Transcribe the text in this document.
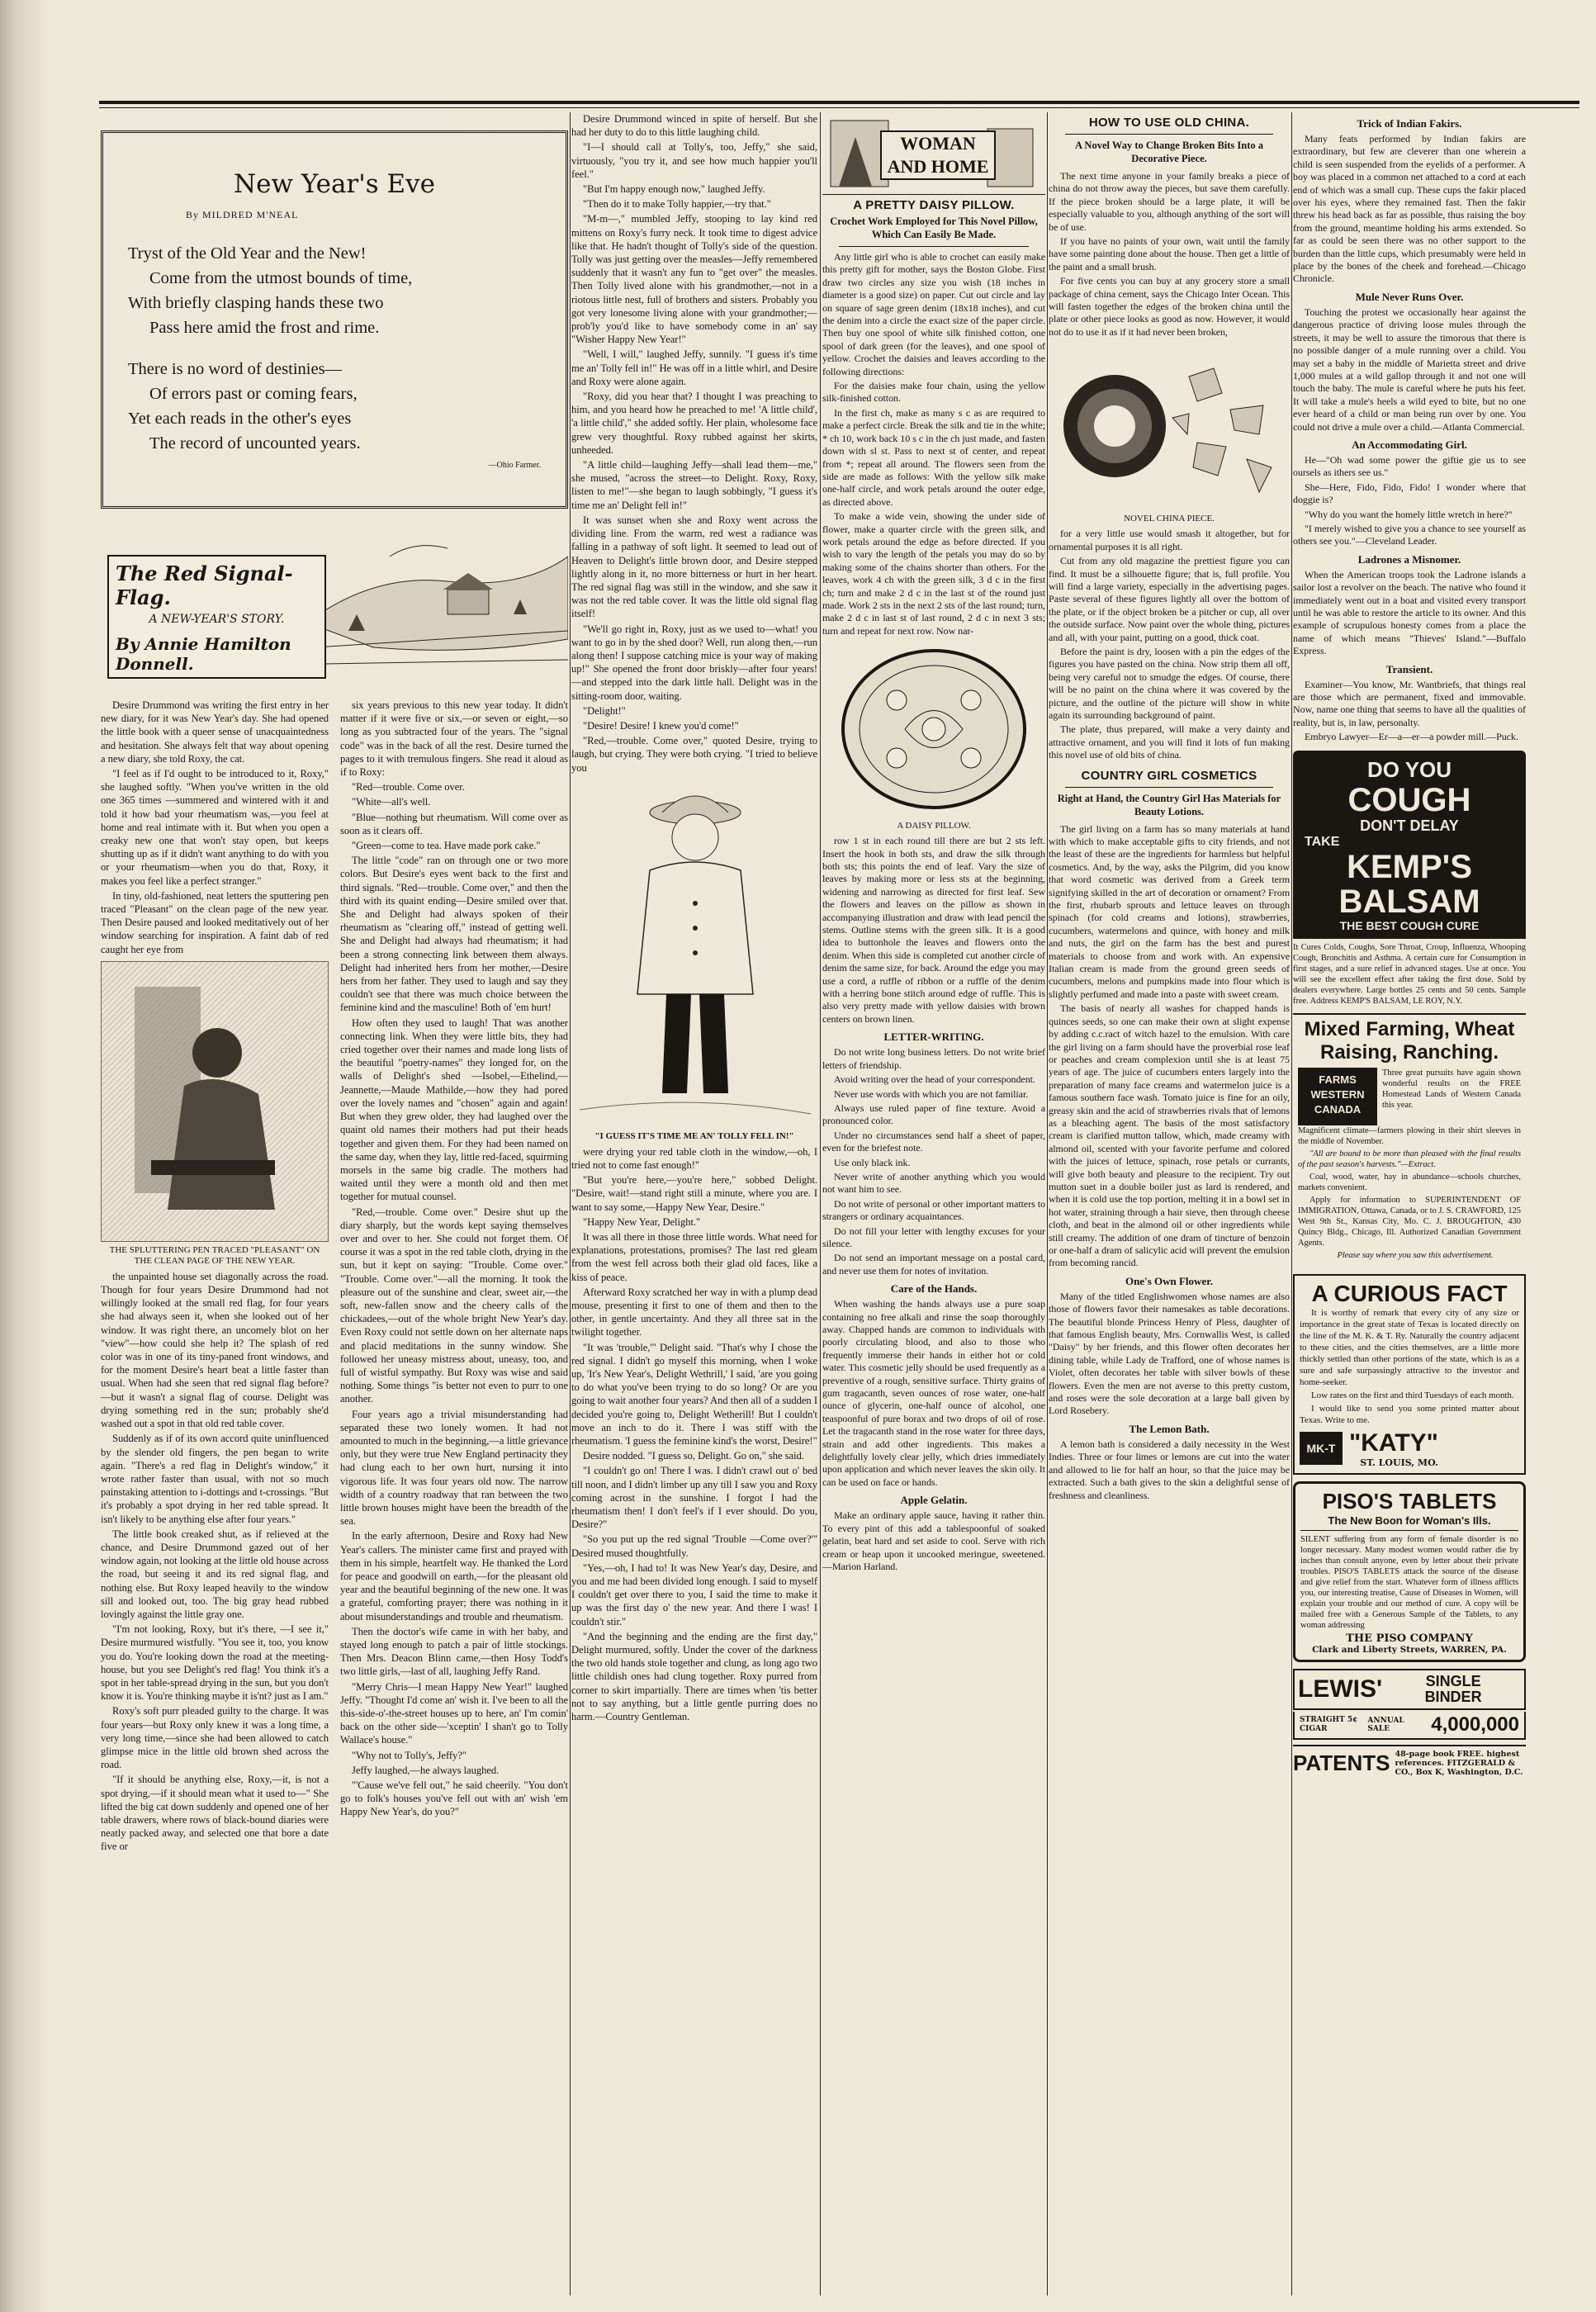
New Year's Eve
By MILDRED M'NEAL
Tryst of the Old Year and the New!
Come from the utmost bounds of time,
With briefly clasping hands these two
Pass here amid the frost and rime.
There is no word of destinies—
Of errors past or coming fears,
Yet each reads in the other's eyes
The record of uncounted years.
—Ohio Farmer.
The Red Signal-Flag.
A NEW-YEAR'S STORY.
By Annie Hamilton Donnell.

Desire Drummond was writing the first entry in her new diary, for it was New Year's day. She had opened the little book with a queer sense of unacquaintedness and hesitation. She always felt that way about opening a new diary, she told Roxy, the cat.

"I feel as if I'd ought to be introduced to it, Roxy," she laughed softly. "When you've written in the old one 365 times —summered and wintered with it and told it how bad your rheumatism was,—you feel at home and real intimate with it. But when you open a creaky new one that won't stay open, but keeps shutting up as if it didn't want anything to do with you or your rheumatism—when you do that, Roxy, it makes you feel like a perfect stranger."

In tiny, old-fashioned, neat letters the sputtering pen traced "Pleasant" on the clean page of the new year. Then Desire paused and looked meditatively out of her window searching for inspiration. A faint dab of red caught her eye from

THE SPLUTTERING PEN TRACED "PLEASANT" ON THE CLEAN PAGE OF THE NEW YEAR.

the unpainted house set diagonally across the road. Though for four years Desire Drummond had not willingly looked at the small red flag, for four years she had always seen it, when she looked out of her window. It was right there, an uncomely blot on her "view"—how could she help it? The splash of red color was in one of its tiny-paned front windows, and for the moment Desire's heart beat a little faster than usual. When had she seen that red signal flag before?—but it wasn't a signal flag of course. Delight was drying something red in the sun; probably she'd washed out a spot in that old red table cover.

Suddenly as if of its own accord quite uninfluenced by the slender old fingers, the pen began to write again. "There's a red flag in Delight's window," it wrote rather faster than usual, with not so much painstaking attention to i-dottings and t-crossings. "But it's probably a spot drying in her red table spread. It isn't likely to be anything else after four years."

The little book creaked shut, as if relieved at the chance, and Desire Drummond gazed out of her window again, not looking at the little old house across the road, but seeing it and its red signal flag, and nothing else. But Roxy leaped heavily to the window sill and looked out, too. The big gray head rubbed lovingly against the little gray one.

"I'm not looking, Roxy, but it's there, —I see it," Desire murmured wistfully. "You see it, too, you know you do. You're looking down the road at the meeting-house, but you see Delight's red flag! You think it's a spot in her table-spread drying in the sun, but you don't know it is. You're thinking maybe it is'nt? just as I am."

Roxy's soft purr pleaded guilty to the charge. It was four years—but Roxy only knew it was a long time, a very long time,—since she had been allowed to catch glimpse mice in the little old brown shed across the road.

"If it should be anything else, Roxy,—it, is not a spot drying,—if it should mean what it used to—" She lifted the big cat down suddenly and opened one of her table drawers, where rows of black-bound diaries were neatly packed away, and selected one that bore a date five or

six years previous to this new year today. It didn't matter if it were five or six,—or seven or eight,—so long as you subtracted four of the years. The "signal code" was in the back of all the rest. Desire turned the pages to it with tremulous fingers. She read it aloud as if to Roxy:

"Red—trouble. Come over.

"White—all's well.

"Blue—nothing but rheumatism. Will come over as soon as it clears off.

"Green—come to tea. Have made pork cake."

The little "code" ran on through one or two more colors. But Desire's eyes went back to the first and third signals. "Red—trouble. Come over," and then the third with its quaint ending—Desire smiled over that. She and Delight had always spoken of their rheumatism as "clearing off," instead of getting well. She and Delight had always had rheumatism; it had been a strong connecting link between them always. Delight had inherited hers from her mother,—Desire hers from her father. They used to laugh and say they couldn't see that there was much choice between the feminine kind and the masculine! Both of 'em hurt!

How often they used to laugh! That was another connecting link. When they were little bits, they had cried together over their names and made long lists of the beautiful "poetry-names" they longed for, on the walls of Delight's shed —Isobel,—Ethelind,—Jeannette,—Maude Mathilde,—how they had pored over the lovely names and "chosen" again and again! But when they grew older, they had laughed over the quaint old names their mothers had put their heads together and given them. For they had been named on the same day, when they lay, little red-faced, squirming morsels in the same big cradle. The mothers had waited until they were a month old and then met together for mutual counsel.

"Red,—trouble. Come over." Desire shut up the diary sharply, but the words kept saying themselves over and over to her. She could not forget them. Of course it was a spot in the red table cloth, drying in the sun, but it kept on saying: "Trouble. Come over." "Trouble. Come over."—all the morning. It took the pleasure out of the sunshine and clear, sweet air,—the soft, new-fallen snow and the cheery calls of the chickadees,—out of the whole bright New Year's day. Even Roxy could not settle down on her alternate naps and placid meditations in the sunny window. She followed her uneasy mistress about, uneasy, too, and full of wistful sympathy. But Roxy was wise and said nothing. Some things "is better not even to purr to one another.

Four years ago a trivial misunderstanding had separated these two lonely women. It had not amounted to much in the beginning,—a little grievance only, but they were true New England pertinacity they had clung each to her own hurt, nursing it into vigorous life. It was four years old now. The narrow width of a country roadway that ran between the two little brown houses might have been the breadth of the sea.

In the early afternoon, Desire and Roxy had New Year's callers. The minister came first and prayed with them in his simple, heartfelt way. He thanked the Lord for peace and goodwill on earth,—for the pleasant old year and the beautiful beginning of the new one. It was a grateful, comforting prayer; there was nothing in it about misunderstandings and trouble and rheumatism.

Then the doctor's wife came in with her baby, and stayed long enough to patch a pair of little stockings. Then Mrs. Deacon Blinn came,—then Hosy Todd's two little girls,—last of all, laughing Jeffy Rand.

"Merry Chris—I mean Happy New Year!" laughed Jeffy. "Thought I'd come an' wish it. I've been to all the this-side-o'-the-street houses up to here, an' I'm comin' back on the other side—'xceptin' I shan't go to Tolly Wallace's house."

"Why not to Tolly's, Jeffy?"

Jeffy laughed,—he always laughed.

"'Cause we've fell out," he said cheerily. "You don't go to folk's houses you've fell out with an' wish 'em Happy New Year's, do you?"

Desire Drummond winced in spite of herself. But she had her duty to do to this little laughing child.

"I—I should call at Tolly's, too, Jeffy," she said, virtuously, "you try it, and see how much happier you'll feel."

"But I'm happy enough now," laughed Jeffy.

"Then do it to make Tolly happier,—try that."

"M-m—," mumbled Jeffy, stooping to lay kind red mittens on Roxy's furry neck. It took time to digest advice like that. He hadn't thought of Tolly's side of the question. Tolly was just getting over the measles—Jeffy remembered suddenly that it wasn't any fun to "get over" the measles. Then Tolly lived alone with his grandmother,—not in a riotous little nest, full of brothers and sisters. Probably you got very lonesome living alone with your grandmother;—prob'ly you'd like to have somebody come in an' say "Wisher Happy New Year!"

"Well, I will," laughed Jeffy, sunnily. "I guess it's time me an' Tolly fell in!" He was off in a little whirl, and Desire and Roxy were alone again.

"Roxy, did you hear that? I thought I was preaching to him, and you heard how he preached to me! 'A little child', 'a little child'," she added softly. Her plain, wholesome face grew very thoughtful. Roxy rubbed against her skirts, unheeded.

"A little child—laughing Jeffy—shall lead them—me," she mused, "across the street—to Delight. Roxy, Roxy, listen to me!"—she began to laugh sobbingly, "I guess it's time me an' Delight fell in!"

It was sunset when she and Roxy went across the dividing line. From the warm, red west a radiance was falling in a pathway of soft light. It seemed to lead out of Heaven to Delight's little brown door, and Desire stepped lightly along in it, no more bitterness or hurt in her heart. The red signal flag was still in the window, and she saw it was not the red table cover. It was the little old signal flag itself!

"We'll go right in, Roxy, just as we used to—what! you want to go in by the shed door? Well, run along then,—run along then! I suppose catching mice is your way of making up!" She opened the front door briskly—after four years! —and stepped into the dark little hall. Delight was in the sitting-room door, waiting.

"Delight!"

"Desire! Desire! I knew you'd come!"

"Red,—trouble. Come over," quoted Desire, trying to laugh, but crying. They were both crying. "I tried to believe you

"I GUESS IT'S TIME ME AN' TOLLY FELL IN!"

were drying your red table cloth in the window,—oh, I tried not to come fast enough!"

"But you're here,—you're here," sobbed Delight. "Desire, wait!—stand right still a minute, where you are. I want to say some,—Happy New Year, Desire."

"Happy New Year, Delight."

It was all there in those three little words. What need for explanations, protestations, promises? The last red gleam from the west fell across both their glad old faces, like a kiss of peace.

Afterward Roxy scratched her way in with a plump dead mouse, presenting it first to one of them and then to the other, in gentle uncertainty. And they all three sat in the twilight together.

"It was 'trouble,'" Delight said. "That's why I chose the red signal. I didn't go myself this morning, when I woke up, 'It's New Year's, Delight Wethrill,' I said, 'are you going to do what you've been trying to do so long? Or are you going to wait another four years? And then all of a sudden I decided you're going to, Delight Wetherill! But I couldn't move an inch to do it. There I was stiff with the rheumatism. 'I guess the feminine kind's the worst, Desire!"

Desire nodded. "I guess so, Delight. Go on," she said.

"I couldn't go on! There I was. I didn't crawl out o' bed till noon, and I didn't limber up any till I saw you and Roxy coming acrost in the sunshine. I forgot I had the rheumatism then! I don't feel's if I ever should. Do you, Desire?"

"So you put up the red signal 'Trouble —Come over?'" Desired mused thoughtfully.

"Yes,—oh, I had to! It was New Year's day, Desire, and you and me had been divided long enough. I said to myself I couldn't get over there to you, I said the time to make it up was the first day o' the new year. And there I was! I couldn't stir."

"And the beginning and the ending are the first day," Delight murmured, softly. Under the cover of the darkness the two old hands stole together and clung, as long ago two little childish ones had clung together. Roxy purred from corner to skirt impartially. There are times when 'tis better not to say anything, but a little gentle purring does no harm.—Country Gentleman.

WOMAN AND HOME
A PRETTY DAISY PILLOW.
Crochet Work Employed for This Novel Pillow, Which Can Easily Be Made.

Any little girl who is able to crochet can easily make this pretty gift for mother, says the Boston Globe. First draw two circles any size you wish (18 inches in diameter is a good size) on paper. Cut out circle and lay on square of sage green denim (18x18 inches), and cut the denim into a circle the exact size of the paper circle. Then buy one spool of white silk finished cotton, one spool of dark green (for the leaves), and one spool of yellow. Crochet the daisies and leaves according to the following directions:

For the daisies make four chain, using the yellow silk-finished cotton.

In the first ch, make as many s c as are required to make a perfect circle. Break the silk and tie in the white; * ch 10, work back 10 s c in the ch just made, and fasten down with sl st. Pass to next st of center, and repeat from *; repeat all around. The flowers seen from the side are made as follows: With the yellow silk make one-half circle, and work petals around the outer edge, as directed above.

To make a wide vein, showing the under side of flower, make a quarter circle with the green silk, and work petals around the edge as before directed. If you wish to vary the length of the petals you may do so by making some of the chains shorter than others. For the leaves, work 4 ch with the green silk, 3 d c in the first ch; turn and make 2 d c in the last st of the round just made. Work 2 sts in the next 2 sts of the last round; turn, make 2 d c in last st of last round, 2 d c in next 3 sts; turn and repeat for next row. Now nar-

A DAISY PILLOW.

row 1 st in each round till there are but 2 sts left. Insert the hook in both sts, and draw the silk through both sts; this points the end of leaf. Vary the size of leaves by making more or less sts at the beginning, widening and narrowing as directed for first leaf. Sew the flowers and leaves on the pillow as shown in accompanying illustration and draw with lead pencil the stems. Outline stems with the green silk. It is a good idea to buttonhole the leaves and flowers onto the denim. When this side is completed cut another circle of denim the same size, for back. Around the edge you may use a cord, a ruffle of ribbon or a ruffle of the denim with a herring bone stitch around edge of ruffle. This is also very pretty made with yellow daisies with brown centers on brown linen.

LETTER-WRITING.

Do not write long business letters. Do not write brief letters of friendship.

Avoid writing over the head of your correspondent.

Never use words with which you are not familiar.

Always use ruled paper of fine texture. Avoid a pronounced color.

Under no circumstances send half a sheet of paper, even for the briefest note.

Use only black ink.

Never write of another anything which you would not want him to see.

Do not write of personal or other important matters to strangers or ordinary acquaintances.

Do not fill your letter with lengthy excuses for your silence.

Do not send an important message on a postal card, and never use them for notes of invitation.

Care of the Hands.

When washing the hands always use a pure soap containing no free alkali and rinse the soap thoroughly away. Chapped hands are common to individuals with poorly circulating blood, and also to those who frequently immerse their hands in either hot or cold water. This cosmetic jelly should be used frequently as a preventive of a rough, sensitive surface. Thirty grains of gum tragacanth, seven ounces of rose water, one-half ounce of glycerin, one-half ounce of alcohol, one teaspoonful of pure borax and two drops of oil of rose. Let the tragacanth stand in the rose water for three days, strain and add other ingredients. This makes a delightfully lovely clear jelly, which dries immediately upon application and which never leaves the skin oily. It can be used on face or hands.

Apple Gelatin.

Make an ordinary apple sauce, having it rather thin. To every pint of this add a tablespoonful of soaked gelatin, beat hard and set aside to cool. Serve with rich cream or heap upon it uncooked meringue, sweetened.—Marion Harland.

HOW TO USE OLD CHINA.
A Novel Way to Change Broken Bits Into a Decorative Piece.

The next time anyone in your family breaks a piece of china do not throw away the pieces, but save them carefully. If the piece broken should be a large plate, it will be especially valuable to you, although anything of the sort will be of use.

If you have no paints of your own, wait until the family have some painting done about the house. Then get a little of the paint and a small brush.

For five cents you can buy at any grocery store a small package of china cement, says the Chicago Inter Ocean. This will fasten together the edges of the broken china until the plate or other piece looks as good as now. However, it would not do to use it as if it had never been broken,

NOVEL CHINA PIECE.

for a very little use would smash it altogether, but for ornamental purposes it is all right.

Cut from any old magazine the prettiest figure you can find. It must be a silhouette figure; that is, full profile. You will find a large variety, especially in the advertising pages. Paste several of these figures lightly all over the bottom of the plate, or if the object broken be a pitcher or cup, all over the outside surface. Now paint over the whole thing, pictures and all, with your paint, putting on a good, thick coat.

Before the paint is dry, loosen with a pin the edges of the figures you have pasted on the china. Now strip them all off, being very careful not to smudge the edges. Of course, there will be no paint on the china where it was covered by the picture, and the outline of the picture will show in white again its surrounding background of paint.

The plate, thus prepared, will make a very dainty and attractive ornament, and you will find it lots of fun making this novel use of old bits of china.

COUNTRY GIRL COSMETICS
Right at Hand, the Country Girl Has Materials for Beauty Lotions.

The girl living on a farm has so many materials at hand with which to make acceptable gifts to city friends, and not the least of these are the ingredients for harmless but helpful cosmetics. And, by the way, asks the Pilgrim, did you know that word cosmetic was derived from a Greek term signifying skilled in the art of decoration or ornament? From the first, rhubarb sprouts and lettuce leaves on through spinach (for cold creams and lotions), strawberries, cucumbers, watermelons and quince, with honey and milk and nuts, the girl on the farm has the best and purest materials to choose from and work with. An expensive Italian cream is made from the ground green seeds of cucumbers, melons and pumpkins made into flour which is slightly perfumed and made into a paste with sweet cream.

The basis of nearly all washes for chapped hands is quinces seeds, so one can make their own at slight expense by adding c.c.ract of witch hazel to the emulsion. With care the girl living on a farm should have the proverbial rose leaf or peaches and cream complexion until she is at least 75 years of age. The juice of cucumbers enters largely into the preparation of many face creams and watermelon juice is a famous southern face wash. Tomato juice is fine for an oily, greasy skin and the acid of strawberries rivals that of lemons as a bleaching agent. The basis of the most satisfactory cream is clarified mutton tallow, which, made creamy with almond oil, scented with your favorite perfume and colored with the juices of lettuce, spinach, rose petals or currants, will give both beauty and pleasure to the recipient. Try out mutton suet in a double boiler just as lard is rendered, and when it is cold use the top portion, melting it in a bowl set in hot water, straining through a hair sieve, then through cheese cloth, and beat in the almond oil or other ingredients while still creamy. The addition of one dram of tincture of benzoin or one-half a dram of salicylic acid will prevent the emulsion from becoming rancid.

One's Own Flower.

Many of the titled Englishwomen whose names are also those of flowers favor their namesakes as table decorations. The beautiful blonde Princess Henry of Pless, daughter of that famous English beauty, Mrs. Cornwallis West, is called "Daisy" by her friends, and this flower often decorates her dining table, while Lady de Trafford, one of whose names is Violet, often decorates her table with silver bowls of these flowers. Even the men are not averse to this pretty custom, and roses were the sole decoration at a large ball given by Lord Rosebery.

The Lemon Bath.

A lemon bath is considered a daily necessity in the West Indies. Three or four limes or lemons are cut into the water and allowed to lie for half an hour, so that the juice may be extracted. Such a bath gives to the skin a delightful sense of freshness and cleanliness.

Trick of Indian Fakirs.

Many feats performed by Indian fakirs are extraordinary, but few are cleverer than one wherein a child is seen suspended from the eyelids of a performer. A boy was placed in a common net attached to a cord at each end of which was a small cup. These cups the fakir placed over his eyes, where they remained fast. Then the fakir threw his head back as far as possible, thus raising the boy from the ground, meantime holding his arms extended. So far as could be seen there was no other support to the burden than the little cups, which presumably were held in place by the bones of the cheek and forehead.—Chicago Chronicle.

Mule Never Runs Over.

Touching the protest we occasionally hear against the dangerous practice of driving loose mules through the streets, it may be well to assure the timorous that there is no possible danger of a mule running over a child. You may set a baby in the middle of Marietta street and drive 1,000 mules at a wild gallop through it and not one will touch the baby. The mule is careful where he puts his feet. It will take a mule's heels a wild eyed to bite, but no one ever heard of a child or man being run over by one. You could not drive a mule over a child.—Atlanta Commercial.

An Accommodating Girl.

He—"Oh wad some power the giftie gie us to see oursels as ithers see us."

She—Here, Fido, Fido, Fido! I wonder where that doggie is?

"Why do you want the homely little wretch in here?"

"I merely wished to give you a chance to see yourself as others see you."—Cleveland Leader.

Ladrones a Misnomer.

When the American troops took the Ladrone islands a sailor lost a revolver on the beach. The native who found it immediately went out in a boat and visited every transport until he was able to restore the article to its owner. And this example of scrupulous honesty comes from a place the name of which means "Thieves' Island."—Buffalo Express.

Transient.

Examiner—You know, Mr. Wantbriefs, that things real are those which are permanent, fixed and immovable. Now, name one thing that seems to have all the qualities of reality, but is, in law, personalty.

Embryo Lawyer—Er—a—er—a powder mill.—Puck.

DO YOU
COUGH
DON'T DELAY
TAKE
KEMP'S
BALSAM
THE BEST COUGH CURE

It Cures Colds, Coughs, Sore Throat, Croup, Influenza, Whooping Cough, Bronchitis and Asthma. A certain cure for Consumption in first stages, and a sure relief in advanced stages. Use at once. You will see the excellent effect after taking the first dose. Sold by dealers everywhere. Large bottles 25 cents and 50 cents. Sample free. Address KEMP'S BALSAM, LE ROY, N.Y.

Mixed Farming, Wheat Raising, Ranching.
FARMS WESTERN CANADA

Three great pursuits have again shown wonderful results on the FREE Homestead Lands of Western Canada this year.

Magnificent climate—farmers plowing in their shirt sleeves in the middle of November.

"All are bound to be more than pleased with the final results of the past season's harvests."—Extract.

Coal, wood, water, hay in abundance—schools churches, markets convenient.

Apply for information to SUPERINTENDENT OF IMMIGRATION, Ottawa, Canada, or to J. S. CRAWFORD, 125 West 9th St., Kansas City, Mo. C. J. BROUGHTON, 430 Quincy Bldg., Chicago, Ill. Authorized Canadian Government Agents.

Please say where you saw this advertisement.

A CURIOUS FACT

It is worthy of remark that every city of any size or importance in the great state of Texas is located directly on the line of the M. K. & T. Ry. Naturally the country adjacent to these cities, and the cities themselves, are a little more thickly settled than other portions of the state, which is as a sure and safe surpassingly attractive to the investor and home-seeker.

Low rates on the first and third Tuesdays of each month.

I would like to send you some printed matter about Texas. Write to me.

MK-T "KATY"
ST. LOUIS, MO.
PISO'S TABLETS
The New Boon for Woman's Ills.

SILENT suffering from any form of female disorder is no longer necessary. Many modest women would rather die by inches than consult anyone, even by letter about their private troubles. PISO'S TABLETS attack the source of the disease and give relief from the start. Whatever form of illness afflicts you, our interesting treatise, Cause of Diseases in Women, will explain your trouble and our method of cure. A copy will be mailed free with a Generous Sample of the Tablets, to any woman addressing

THE PISO COMPANY
Clark and Liberty Streets, WARREN, PA.
LEWIS'	SINGLE
BINDER
STRAIGHT 5¢ CIGAR
ANNUAL SALE	4,000,000
PATENTS 48-page book FREE. highest references. FITZGERALD & CO., Box K, Washington, D.C.
